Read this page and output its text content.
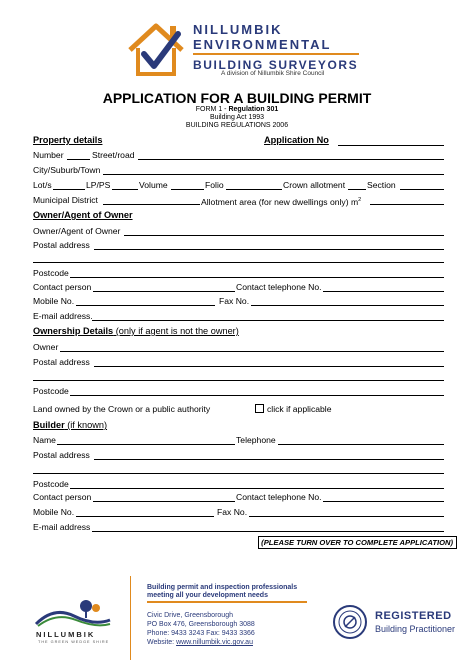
NILLUMBIK
ENVIRONMENTAL
BUILDING SURVEYORS
A division of Nillumbik Shire Council
APPLICATION FOR A BUILDING PERMIT
FORM 1 - Regulation 301
Building Act 1993
BUILDING REGULATIONS 2006
Property details	Application No
Number	Street/road
City/Suburb/Town
Lot/s	LP/PS	Volume	Folio	Crown allotment	Section
Municipal District	Allotment area (for new dwellings only) $m^2$
Owner/Agent of Owner
Owner/Agent of Owner
Postal address
Postcode
Contact person	Contact telephone No.
Mobile No.	Fax No.
E-mail address.
Ownership Details (only if agent is not the owner)
Owner
Postal address
Postcode
Land owned by the Crown or a public authority	click if applicable
Builder (if known)
Name	Telephone
Postal address
Postcode
Contact person	Contact telephone No.
Mobile No.	Fax No.
E-mail address
(PLEASE TURN OVER TO COMPLETE APPLICATION)
NILLUMBIK
THE GREEN WEDGE SHIRE
Building permit and inspection professionals
meeting all your development needs
Civic Drive, Greensborough
PO Box 476, Greensborough 3088
Phone: 9433 3243 Fax: 9433 3366
Website: www.nillumbik.vic.gov.au
REGISTERED
Building Practitioner
